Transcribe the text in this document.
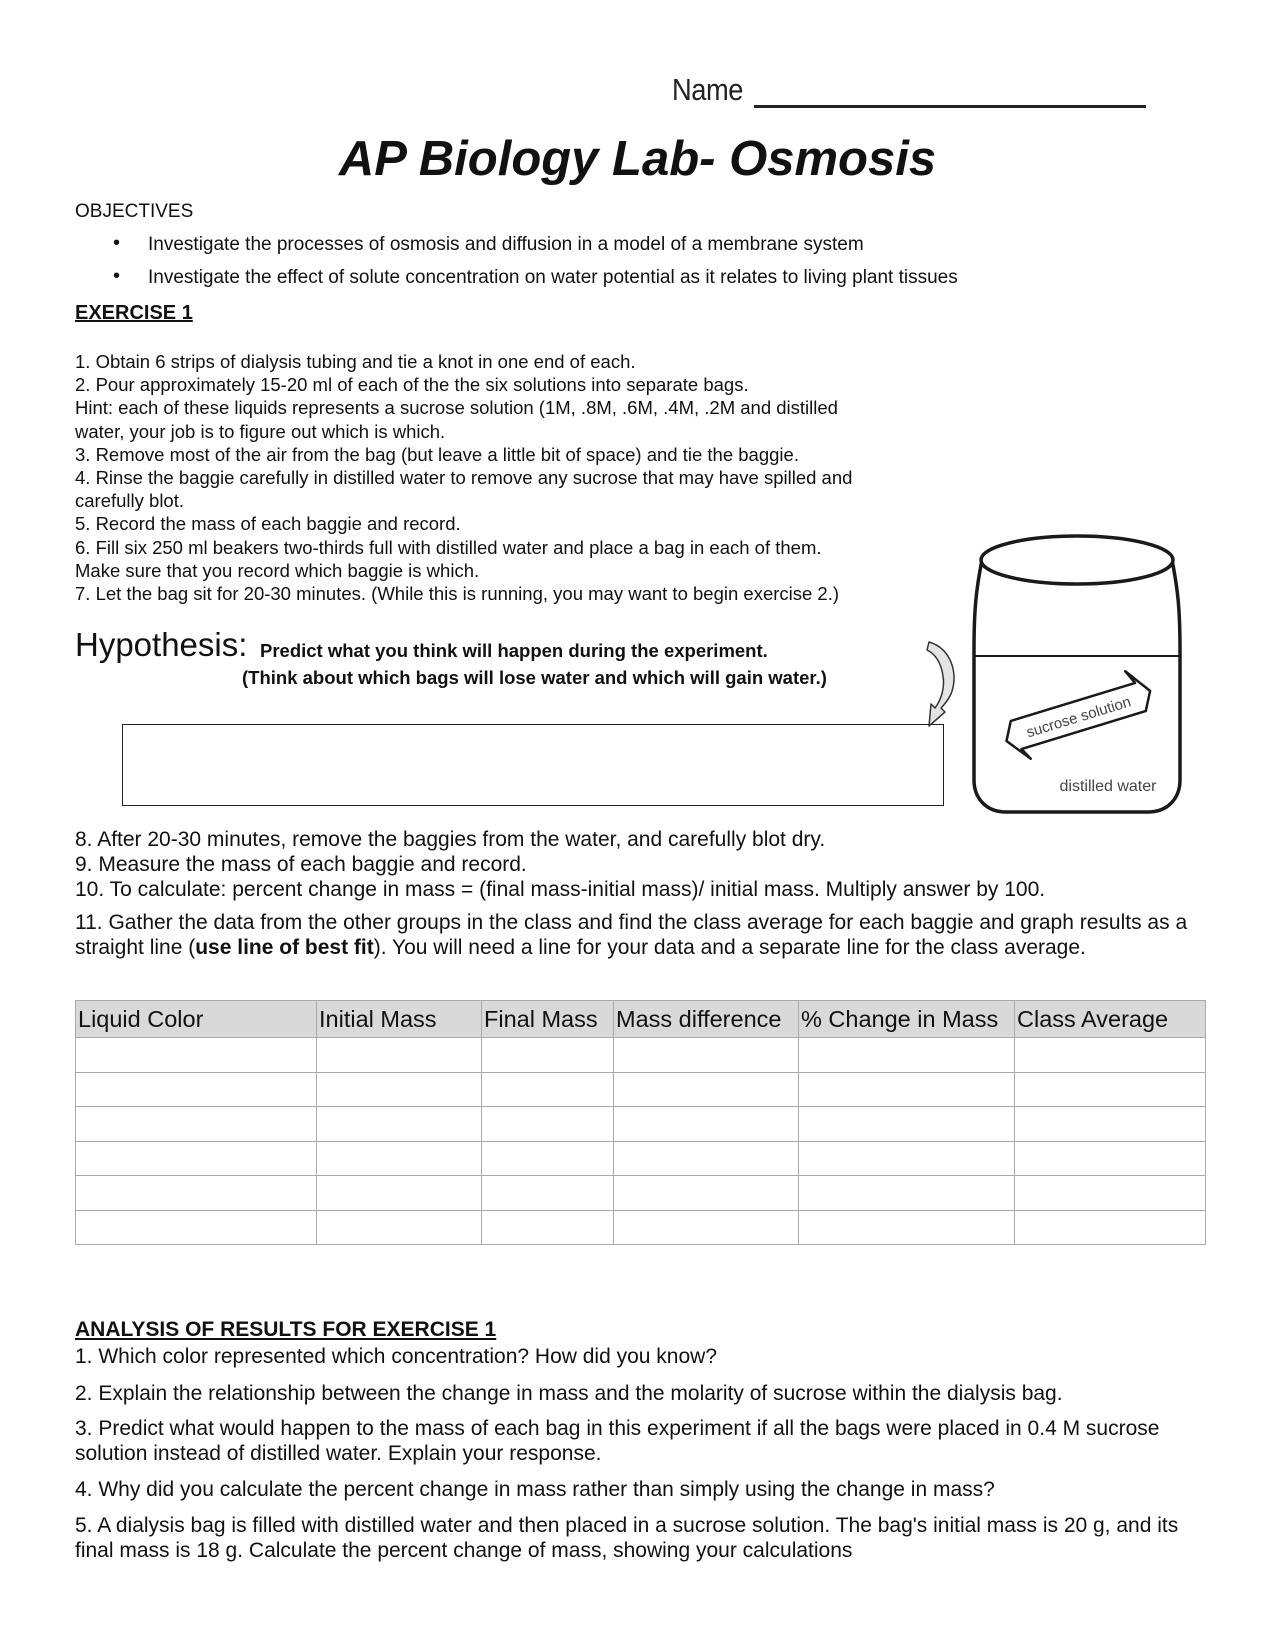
Name
AP Biology Lab- Osmosis
OBJECTIVES
• Investigate the processes of osmosis and diffusion in a model of a membrane system
• Investigate the effect of solute concentration on water potential as it relates to living plant tissues
EXERCISE 1
1. Obtain 6 strips of dialysis tubing and tie a knot in one end of each.
2. Pour approximately 15-20 ml of each of the the six solutions into separate bags.
Hint: each of these liquids represents a sucrose solution (1M, .8M, .6M, .4M, .2M and distilled
water, your job is to figure out which is which.
3. Remove most of the air from the bag (but leave a little bit of space) and tie the baggie.
4. Rinse the baggie carefully in distilled water to remove any sucrose that may have spilled and
carefully blot.
5. Record the mass of each baggie and record.
6. Fill six 250 ml beakers two-thirds full with distilled water and place a bag in each of them.
Make sure that you record which baggie is which.
7. Let the bag sit for 20-30 minutes. (While this is running, you may want to begin exercise 2.)
Hypothesis: Predict what you think will happen during the experiment.
(Think about which bags will lose water and which will gain water.)
sucrose solution
distilled water
8. After 20-30 minutes, remove the baggies from the water, and carefully blot dry.
9. Measure the mass of each baggie and record.
10. To calculate: percent change in mass = (final mass-initial mass)/ initial mass. Multiply answer by 100.
11. Gather the data from the other groups in the class and find the class average for each baggie and graph results as a straight line (use line of best fit). You will need a line for your data and a separate line for the class average.
Liquid Color	Initial Mass	Final Mass	Mass difference	% Change in Mass	Class Average

ANALYSIS OF RESULTS FOR EXERCISE 1
1. Which color represented which concentration? How did you know?
2. Explain the relationship between the change in mass and the molarity of sucrose within the dialysis bag.
3. Predict what would happen to the mass of each bag in this experiment if all the bags were placed in 0.4 M sucrose solution instead of distilled water. Explain your response.
4. Why did you calculate the percent change in mass rather than simply using the change in mass?
5. A dialysis bag is filled with distilled water and then placed in a sucrose solution. The bag's initial mass is 20 g, and its final mass is 18 g. Calculate the percent change of mass, showing your calculations
